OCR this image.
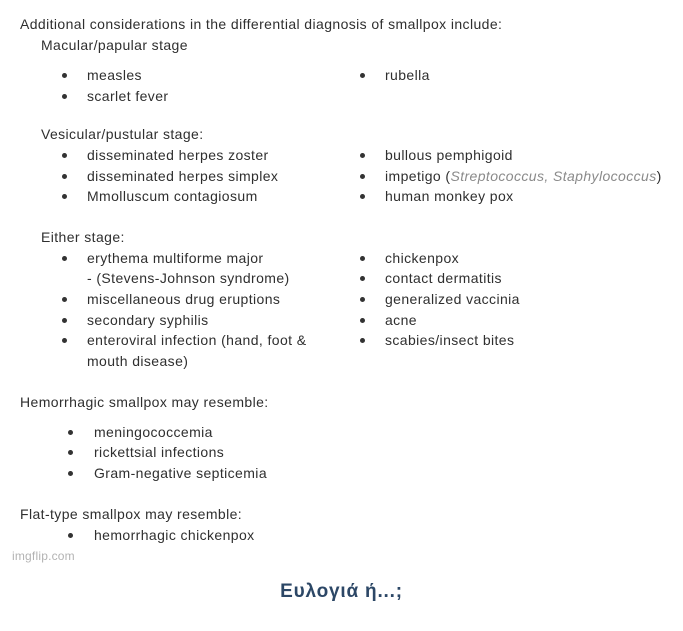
Additional considerations in the differential diagnosis of smallpox include:
Macular/papular stage
measles
scarlet fever
rubella
Vesicular/pustular stage:
disseminated herpes zoster
disseminated herpes simplex
Mmolluscum contagiosum
bullous pemphigoid
impetigo (Streptococcus, Staphylococcus)
human monkey pox
Either stage:
erythema multiforme major
- (Stevens-Johnson syndrome)
miscellaneous drug eruptions
secondary syphilis
enteroviral infection (hand, foot &
mouth disease)
chickenpox
contact dermatitis
generalized vaccinia
acne
scabies/insect bites
Hemorrhagic smallpox may resemble:
meningococcemia
rickettsial infections
Gram-negative septicemia
Flat-type smallpox may resemble:
hemorrhagic chickenpox
imgflip.com
Ευλογιά ή...;
